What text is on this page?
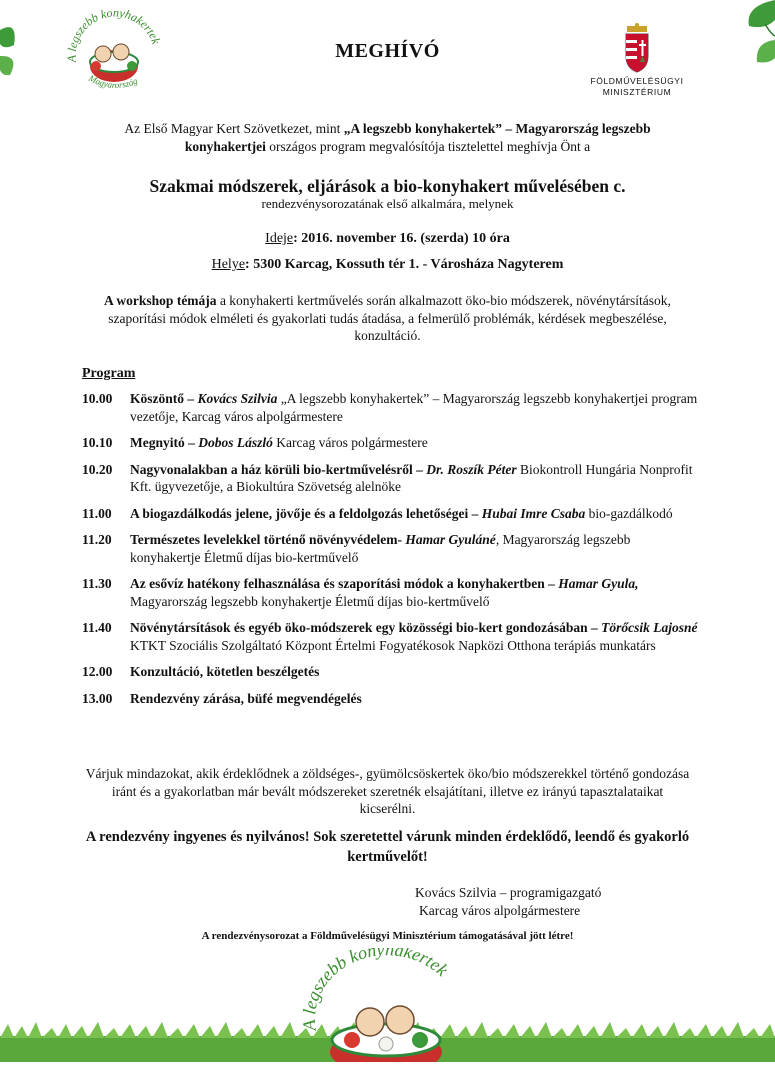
A legszebb konyhakertek
Magyarország
MEGHÍVÓ
FÖLDMŰVELÉSÜGYI
MINISZTÉRIUM
Az Első Magyar Kert Szövetkezet, mint „A legszebb konyhakertek” – Magyarország legszebb konyhakertjei országos program megvalósítója tisztelettel meghívja Önt a
Szakmai módszerek, eljárások a bio-konyhakert művelésében c.
rendezvénysorozatának első alkalmára, melynek
Ideje: 2016. november 16. (szerda) 10 óra
Helye: 5300 Karcag, Kossuth tér 1. - Városháza Nagyterem
A workshop témája a konyhakerti kertművelés során alkalmazott öko-bio módszerek, növénytársítások, szaporítási módok elméleti és gyakorlati tudás átadása, a felmerülő problémák, kérdések megbeszélése, konzultáció.
Program
10.00	Köszöntő – Kovács Szilvia „A legszebb konyhakertek” – Magyarország legszebb konyhakertjei program vezetője, Karcag város alpolgármestere
10.10	Megnyitó – Dobos László Karcag város polgármestere
10.20	Nagyvonalakban a ház körüli bio-kertművelésről – Dr. Roszík Péter Biokontroll Hungária Nonprofit Kft. ügyvezetője, a Biokultúra Szövetség alelnöke
11.00	A biogazdálkodás jelene, jövője és a feldolgozás lehetőségei – Hubai Imre Csaba bio-gazdálkodó
11.20	Természetes levelekkel történő növényvédelem- Hamar Gyuláné, Magyarország legszebb konyhakertje Életmű díjas bio-kertművelő
11.30	Az esővíz hatékony felhasználása és szaporítási módok a konyhakertben – Hamar Gyula, Magyarország legszebb konyhakertje Életmű díjas bio-kertművelő
11.40	Növénytársítások és egyéb öko-módszerek egy közösségi bio-kert gondozásában – Törőcsik Lajosné KTKT Szociális Szolgáltató Központ Értelmi Fogyatékosok Napközi Otthona terápiás munkatárs
12.00	Konzultáció, kötetlen beszélgetés
13.00	Rendezvény zárása, büfé megvendégelés
Várjuk mindazokat, akik érdeklődnek a zöldséges-, gyümölcsöskertek öko/bio módszerekkel történő gondozása iránt és a gyakorlatban már bevált módszereket szeretnék elsajátítani, illetve ez irányú tapasztalataikat kicserélni.
A rendezvény ingyenes és nyilvános! Sok szeretettel várunk minden érdeklődő, leendő és gyakorló kertművelőt!
Kovács Szilvia – programigazgató
Karcag város alpolgármestere
A rendezvénysorozat a Földművelésügyi Minisztérium támogatásával jött létre!
A legszebb konyhakertek
